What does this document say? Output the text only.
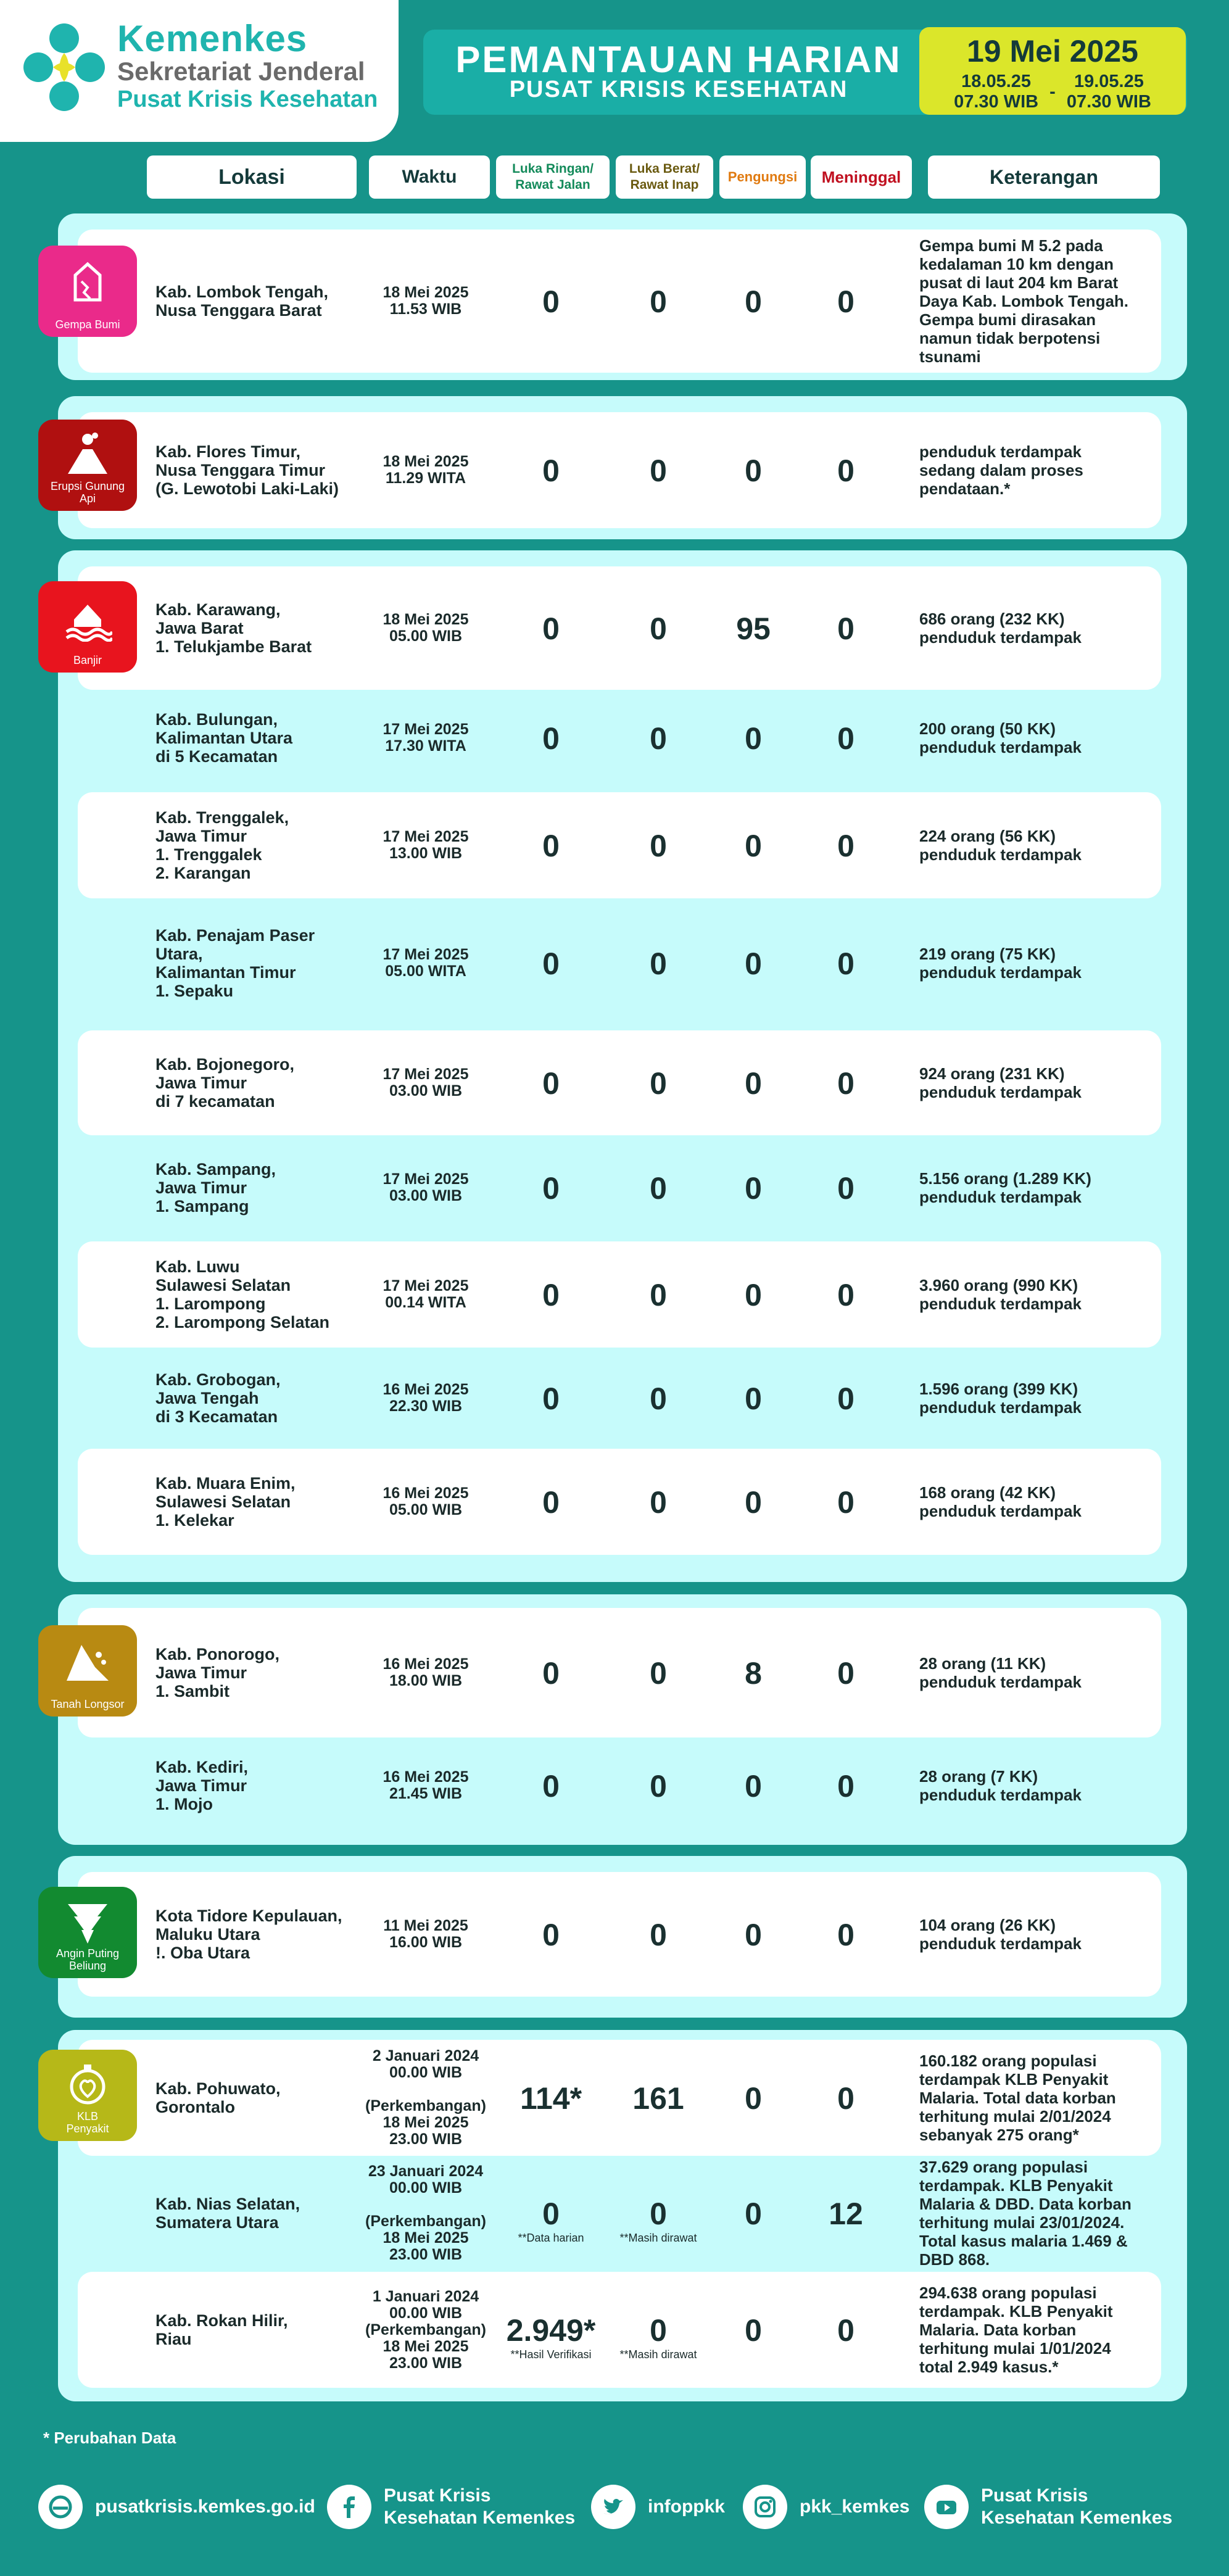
Kemenkes
Sekretariat Jenderal
Pusat Krisis Kesehatan
PEMANTAUAN HARIAN
PUSAT KRISIS KESEHATAN
19 Mei 2025
18.05.25
07.30 WIB - 19.05.25
07.30 WIB
Lokasi	Waktu	Luka Ringan/
Rawat Jalan
Luka Berat/
Rawat Inap
Pengungsi	Meninggal	Keterangan
Kab. Lombok Tengah,
Nusa Tenggara Barat
18 Mei 2025
11.53 WIB	0	0	0	0
Gempa bumi M 5.2 pada
kedalaman 10 km dengan
pusat di laut 204 km Barat
Daya Kab. Lombok Tengah.
Gempa bumi dirasakan
namun tidak berpotensi
tsunami
Kab. Flores Timur,
Nusa Tenggara Timur
(G. Lewotobi Laki-Laki)
18 Mei 2025
11.29 WITA	0	0	0	0
penduduk terdampak
sedang dalam proses
pendataan.*
Kab. Karawang,
Jawa Barat
1. Telukjambe Barat
18 Mei 2025
05.00 WIB	0	0	95	0	686 orang (232 KK)
penduduk terdampak
Kab. Bulungan,
Kalimantan Utara
di 5 Kecamatan
17 Mei 2025
17.30 WITA	0	0	0	0	200 orang (50 KK)
penduduk terdampak
Kab. Trenggalek,
Jawa Timur
1. Trenggalek
2. Karangan
17 Mei 2025
13.00 WIB	0	0	0	0	224 orang (56 KK)
penduduk terdampak
Kab. Penajam Paser
Utara,
Kalimantan Timur
1. Sepaku
17 Mei 2025
05.00 WITA	0	0	0	0	219 orang (75 KK)
penduduk terdampak
Kab. Bojonegoro,
Jawa Timur
di 7 kecamatan
17 Mei 2025
03.00 WIB	0	0	0	0	924 orang (231 KK)
penduduk terdampak
Kab. Sampang,
Jawa Timur
1. Sampang
17 Mei 2025
03.00 WIB	0	0	0	0	5.156 orang (1.289 KK)
penduduk terdampak
Kab. Luwu
Sulawesi Selatan
1. Larompong
2. Larompong Selatan
17 Mei 2025
00.14 WITA	0	0	0	0	3.960 orang (990 KK)
penduduk terdampak
Kab. Grobogan,
Jawa Tengah
di 3 Kecamatan
16 Mei 2025
22.30 WIB	0	0	0	0	1.596 orang (399 KK)
penduduk terdampak
Kab. Muara Enim,
Sulawesi Selatan
1. Kelekar
16 Mei 2025
05.00 WIB	0	0	0	0	168 orang (42 KK)
penduduk terdampak
Kab. Ponorogo,
Jawa Timur
1. Sambit
16 Mei 2025
18.00 WIB	0	0	8	0	28 orang (11 KK)
penduduk terdampak
Kab. Kediri,
Jawa Timur
1. Mojo
16 Mei 2025
21.45 WIB	0	0	0	0	28 orang (7 KK)
penduduk terdampak
Kota Tidore Kepulauan,
Maluku Utara
!. Oba Utara
11 Mei 2025
16.00 WIB	0	0	0	0	104 orang (26 KK)
penduduk terdampak
Kab. Pohuwato,
Gorontalo
2 Januari 2024
00.00 WIB

(Perkembangan)
18 Mei 2025
23.00 WIB
114*	161	0	0
160.182 orang populasi
terdampak KLB Penyakit
Malaria. Total data korban
terhitung mulai 2/01/2024
sebanyak 275 orang*
Kab. Nias Selatan,
Sumatera Utara
23 Januari 2024
00.00 WIB

(Perkembangan)
18 Mei 2025
23.00 WIB
0	0	0	12
37.629 orang populasi
terdampak. KLB Penyakit
Malaria & DBD. Data korban
terhitung mulai 23/01/2024.
Total kasus malaria 1.469 &
DBD 868.
**Data harian	**Masih dirawat
Kab. Rokan Hilir,
Riau
1 Januari 2024
00.00 WIB
(Perkembangan)
18 Mei 2025
23.00 WIB
2.949*	0	0	0
294.638 orang populasi
terdampak. KLB Penyakit
Malaria. Data korban
terhitung mulai 1/01/2024
total 2.949 kasus.*
**Hasil Verifikasi	**Masih dirawat
Gempa Bumi
Erupsi Gunung
Api
Banjir
Tanah Longsor
Angin Puting
Beliung
KLB
Penyakit
* Perubahan Data
pusatkrisis.kemkes.go.id
Pusat Krisis
Kesehatan Kemenkes
infoppkk	pkk_kemkes
Pusat Krisis
Kesehatan Kemenkes
